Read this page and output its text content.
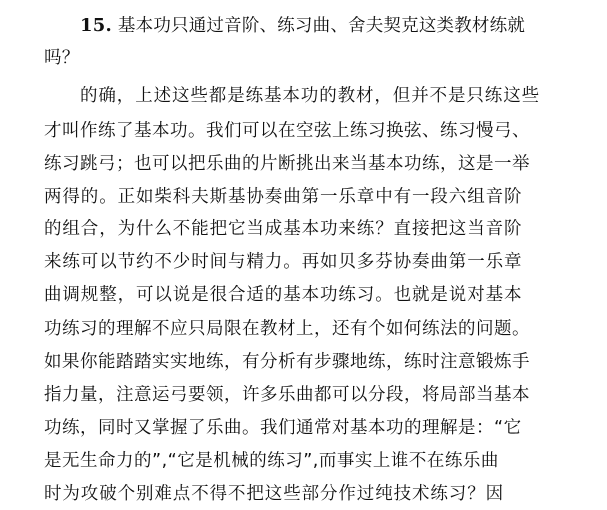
15. 基本功只通过音阶、练习曲、舍夫契克这类教材练就
吗？
的确，上述这些都是练基本功的教材，但并不是只练这些
才叫作练了基本功。我们可以在空弦上练习换弦、练习慢弓、
练习跳弓；也可以把乐曲的片断挑出来当基本功练，这是一举
两得的。正如柴科夫斯基协奏曲第一乐章中有一段六组音阶
的组合，为什么不能把它当成基本功来练？直接把这当音阶
来练可以节约不少时间与精力。再如贝多芬协奏曲第一乐章
曲调规整，可以说是很合适的基本功练习。也就是说对基本
功练习的理解不应只局限在教材上，还有个如何练法的问题。
如果你能踏踏实实地练，有分析有步骤地练，练时注意锻炼手
指力量，注意运弓要领，许多乐曲都可以分段，将局部当基本
功练，同时又掌握了乐曲。我们通常对基本功的理解是：“它
是无生命力的”,“它是机械的练习”,而事实上谁不在练乐曲
时为攻破个别难点不得不把这些部分作过纯技术练习？因
